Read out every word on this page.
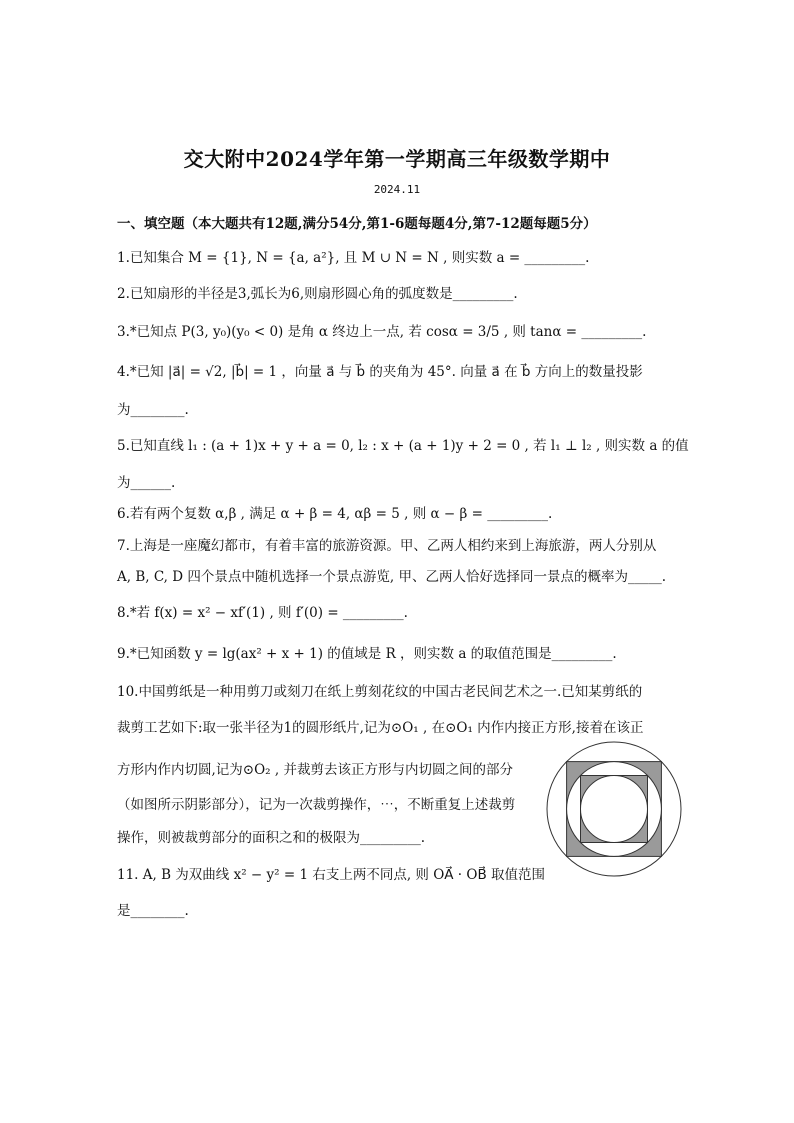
交大附中2024学年第一学期高三年级数学期中
2024.11
一、填空题（本大题共有12题,满分54分,第1-6题每题4分,第7-12题每题5分）
1.已知集合 M = {1}, N = {a, a²}, 且 M ∪ N = N , 则实数 a = _________.
2.已知扇形的半径是3,弧长为6,则扇形圆心角的弧度数是_________.
3.*已知点 P(3, y₀)(y₀ < 0) 是角 α 终边上一点, 若 cosα = 3/5 , 则 tanα = _________.
4.*已知 |a⃗| = √2, |b⃗| = 1 ，向量 a⃗ 与 b⃗ 的夹角为 45°. 向量 a⃗ 在 b⃗ 方向上的数量投影
为________.
5.已知直线 l₁ : (a + 1)x + y + a = 0, l₂ : x + (a + 1)y + 2 = 0 , 若 l₁ ⊥ l₂ , 则实数 a 的值
为______.
6.若有两个复数 α,β , 满足 α + β = 4, αβ = 5 , 则 α − β = _________.
7.上海是一座魔幻都市，有着丰富的旅游资源。甲、乙两人相约来到上海旅游，两人分别从
A, B, C, D 四个景点中随机选择一个景点游览, 甲、乙两人恰好选择同一景点的概率为_____.
8.*若 f(x) = x² − xf′(1) , 则 f′(0) = _________.
9.*已知函数 y = lg(ax² + x + 1) 的值域是 R ，则实数 a 的取值范围是_________.
10.中国剪纸是一种用剪刀或刻刀在纸上剪刻花纹的中国古老民间艺术之一.已知某剪纸的
裁剪工艺如下:取一张半径为1的圆形纸片,记为⊙O₁ , 在⊙O₁ 内作内接正方形,接着在该正
方形内作内切圆,记为⊙O₂ , 并裁剪去该正方形与内切圆之间的部分
（如图所示阴影部分），记为一次裁剪操作，⋯，不断重复上述裁剪
操作，则被裁剪部分的面积之和的极限为_________.
11. A, B 为双曲线 x² − y² = 1 右支上两不同点, 则 OA⃗ · OB⃗ 取值范围
是________.
